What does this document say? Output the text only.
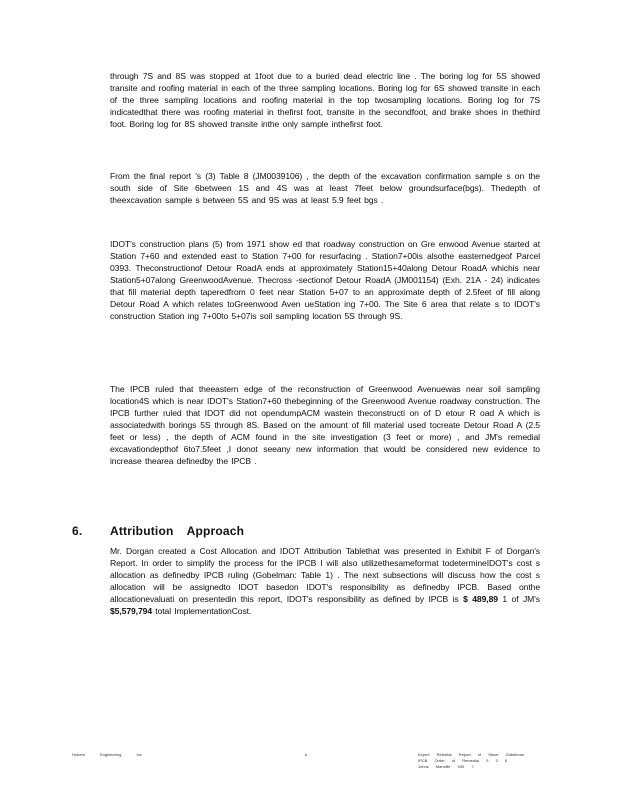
through 7S and 8S was stopped at 1foot due to a buried dead electric line . The boring log for 5S showed transite and roofing material in each of the three sampling locations. Boring log for 6S showed transite in each of the three sampling locations and roofing material in the top twosampling locations. Boring log for 7S indicatedthat there was roofing material in thefirst foot, transite in the secondfoot, and brake shoes in thethird foot. Boring log for 8S showed transite inthe only sample inthefirst foot.

From the final report 's (3) Table 8 (JM0039106) , the depth of the excavation confirmation sample s on the south side of Site 6between 1S and 4S was at least 7feet below groundsurface(bgs). Thedepth of theexcavation sample s between 5S and 9S was at least 5.9 feet bgs .

IDOT's construction plans (5) from 1971 show ed that roadway construction on Gre enwood Avenue started at Station 7+60 and extended east to Station 7+00 for resurfacing . Station7+00is alsothe easternedgeof Parcel 0393. Theconstructionof Detour RoadA ends at approximately Station15+40along Detour RoadA whichis near Station5+07along GreenwoodAvenue. Thecross -sectionof Detour RoadA (JM001154) (Exh. 21A - 24) indicates that fill material depth taperedfrom 0 feet near Station 5+07 to an approximate depth of 2.5feet of fill along Detour Road A which relates toGreenwood Aven ueStation ing 7+00. The Site 6 area that relate s to IDOT's construction Station ing 7+00to 5+07is soil sampling location 5S through 9S.

The IPCB ruled that theeastern edge of the reconstruction of Greenwood Avenuewas near soil sampling location4S which is near IDOT's Station7+60 thebeginning of the Greenwood Avenue roadway construction. The IPCB further ruled that IDOT did not opendumpACM wastein theconstructi on of D etour R oad A which is associatedwith borings 5S through 8S. Based on the amount of fill material used tocreate Detour Road A (2.5 feet or less) , the depth of ACM found in the site investigation (3 feet or more) , and JM's remedial excavationdepthof 6to7.5feet ,I donot seeany new information that would be considered new evidence to increase thearea definedby the IPCB .

6. Attribution Approach

Mr. Dorgan created a Cost Allocation and IDOT Attribution Tablethat was presented in Exhibit F of Dorgan's Report. In order to simplify the process for the IPCB I will also utilizethesameformat todetermineIDOT's cost s allocation as definedby IPCB ruling (Gobelman: Table 1) . The next subsections will discuss how the cost s allocation will be assignedto IDOT basedon IDOT's responsibility as definedby IPCB. Based onthe allocationevaluati on presentedin this report, IDOT's responsibility as defined by IPCB is $ 489,89 1 of JM's $5,579,794 total ImplementationCost.

Hubers Engineering Inc	6	Expert Rebuttal Report of Steve Gobelman
IPCB Order of Remedial 5 3 6
Johns Manville 000 7
